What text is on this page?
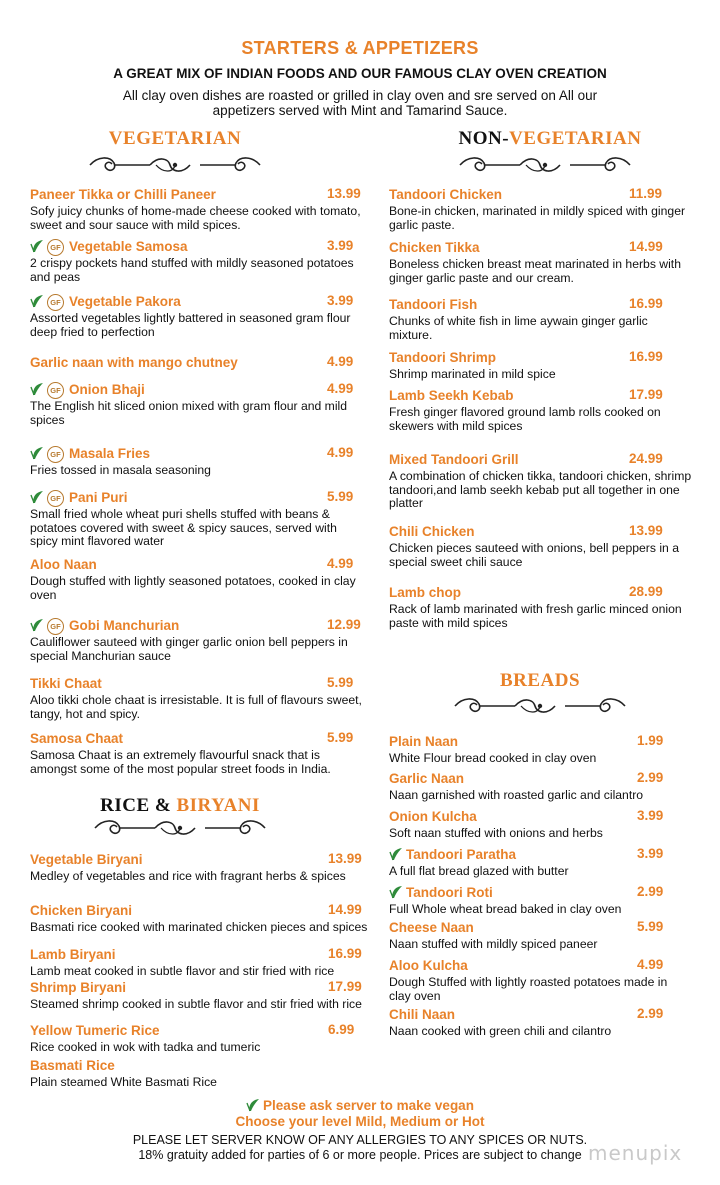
STARTERS & APPETIZERS
A GREAT MIX OF INDIAN FOODS AND OUR FAMOUS CLAY OVEN CREATION
All clay oven dishes are roasted or grilled in clay oven and sre served on All our appetizers served with Mint and Tamarind Sauce.
VEGETARIAN	NON-VEGETARIAN
RICE & BIRYANI
BREADS
Paneer Tikka or Chilli Paneer	13.99
Sofy juicy chunks of home-made cheese cooked with tomato, sweet and sour sauce with mild spices.
GF Vegetable Samosa	3.99
2 crispy pockets hand stuffed with mildly seasoned potatoes and peas
GF Vegetable Pakora	3.99
Assorted vegetables lightly battered in seasoned gram flour deep fried to perfection
Garlic naan with mango chutney	4.99
GF Onion Bhaji	4.99
The English hit sliced onion mixed with gram flour and mild spices
GF Masala Fries	4.99
Fries tossed in masala seasoning
GF Pani Puri	5.99
Small fried whole wheat puri shells stuffed with beans & potatoes covered with sweet & spicy sauces, served with spicy mint flavored water
Aloo Naan	4.99
Dough stuffed with lightly seasoned potatoes, cooked in clay oven
GF Gobi Manchurian	12.99
Cauliflower sauteed with ginger garlic onion bell peppers in special Manchurian sauce
Tikki Chaat	5.99
Aloo tikki chole chaat is irresistable. It is full of flavours sweet, tangy, hot and spicy.
Samosa Chaat	5.99
Samosa Chaat is an extremely flavourful snack that is amongst some of the most popular street foods in India.
Tandoori Chicken	11.99
Bone-in chicken, marinated in mildly spiced with ginger garlic paste.
Chicken Tikka	14.99
Boneless chicken breast meat marinated in herbs with ginger garlic paste and our cream.
Tandoori Fish	16.99
Chunks of white fish in lime aywain ginger garlic mixture.
Tandoori Shrimp	16.99
Shrimp marinated in mild spice
Lamb Seekh Kebab	17.99
Fresh ginger flavored ground lamb rolls cooked on skewers with mild spices
Mixed Tandoori Grill	24.99
A combination of chicken tikka, tandoori chicken, shrimp tandoori,and lamb seekh kebab put all together in one platter
Chili Chicken	13.99
Chicken pieces sauteed with onions, bell peppers in a special sweet chili sauce
Lamb chop	28.99
Rack of lamb marinated with fresh garlic minced onion paste with mild spices
Vegetable Biryani	13.99
Medley of vegetables and rice with fragrant herbs & spices
Chicken Biryani	14.99
Basmati rice cooked with marinated chicken pieces and spices
Lamb Biryani	16.99
Lamb meat cooked in subtle flavor and stir fried with rice
Shrimp Biryani	17.99
Steamed shrimp cooked in subtle flavor and stir fried with rice
Yellow Tumeric Rice	6.99
Rice cooked in wok with tadka and tumeric
Basmati Rice
Plain steamed White Basmati Rice
Plain Naan	1.99
White Flour bread cooked in clay oven
Garlic Naan	2.99
Naan garnished with roasted garlic and cilantro
Onion Kulcha	3.99
Soft naan stuffed with onions and herbs
Tandoori Paratha	3.99
A full flat bread glazed with butter
Tandoori Roti	2.99
Full Whole wheat bread baked in clay oven
Cheese Naan	5.99
Naan stuffed with mildly spiced paneer
Aloo Kulcha	4.99
Dough Stuffed with lightly roasted potatoes made in clay oven
Chili Naan	2.99
Naan cooked with green chili and cilantro
Please ask server to make vegan
Choose your level Mild, Medium or Hot
PLEASE LET SERVER KNOW OF ANY ALLERGIES TO ANY SPICES OR NUTS.
18% gratuity added for parties of 6 or more people. Prices are subject to change menupix
